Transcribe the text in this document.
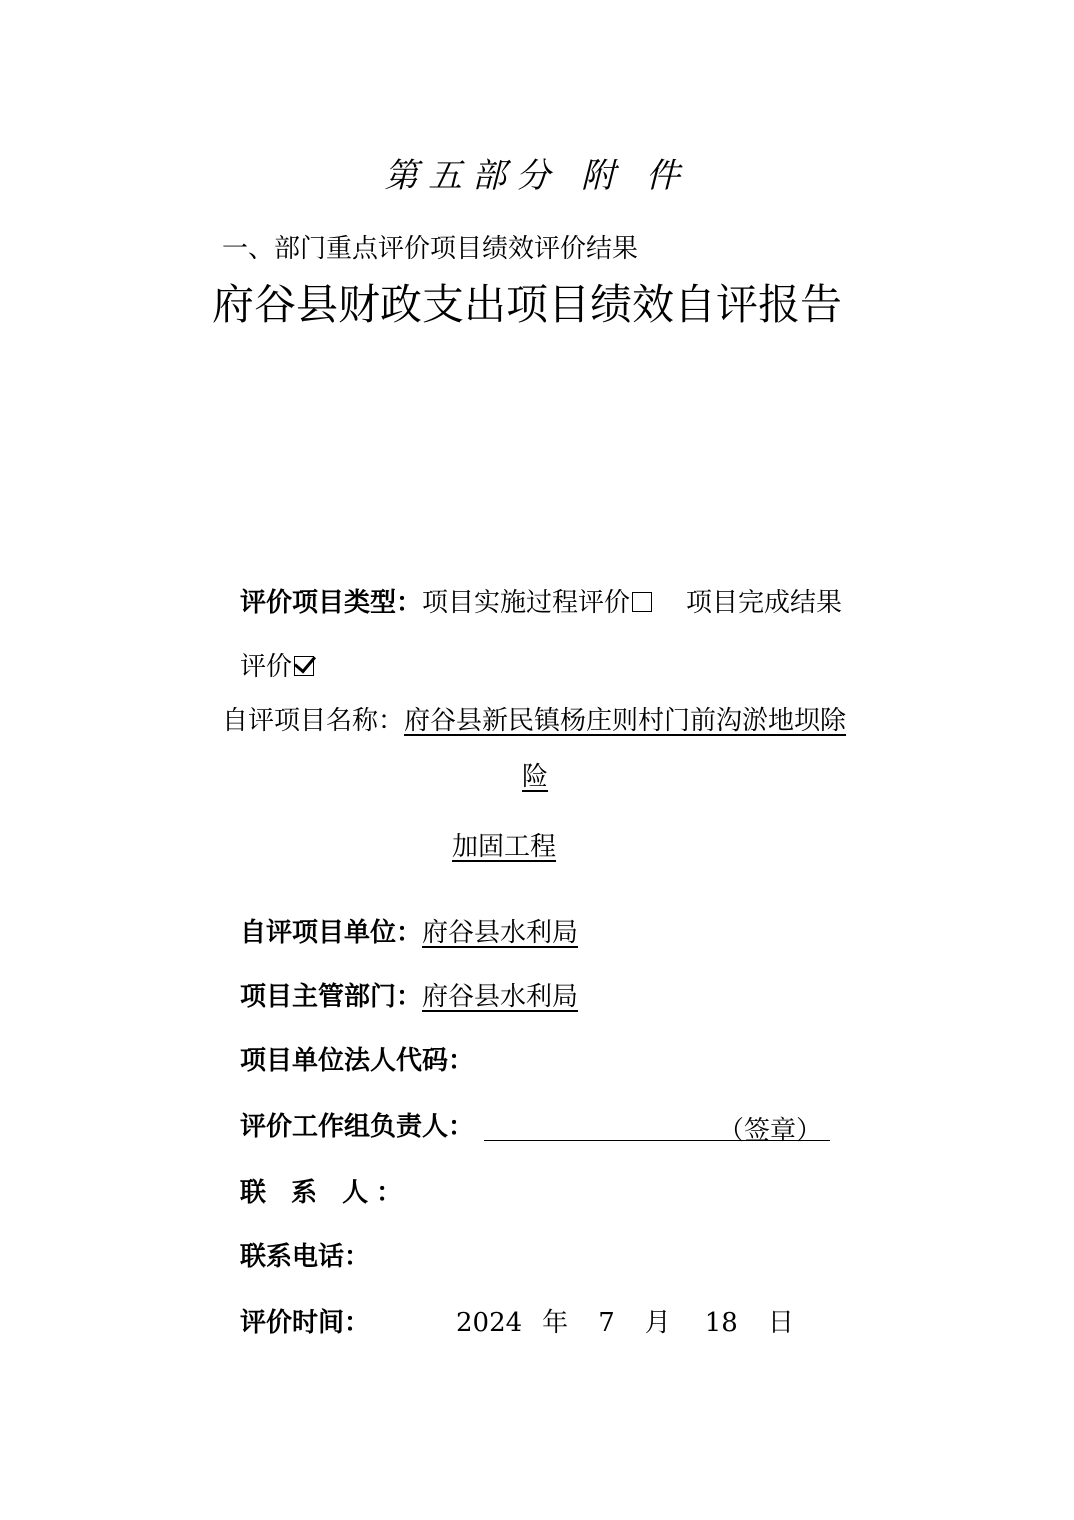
第五部分 附 件
一、部门重点评价项目绩效评价结果
府谷县财政支出项目绩效自评报告
评价项目类型：项目实施过程评价 项目完成结果
评价
自评项目名称：府谷县新民镇杨庄则村门前沟淤地坝除
险
加固工程
自评项目单位：府谷县水利局
项目主管部门：府谷县水利局
项目单位法人代码：
评价工作组负责人：	（签章）
联 系 人：
联系电话：
评价时间：	2024 年 7 月 18 日
